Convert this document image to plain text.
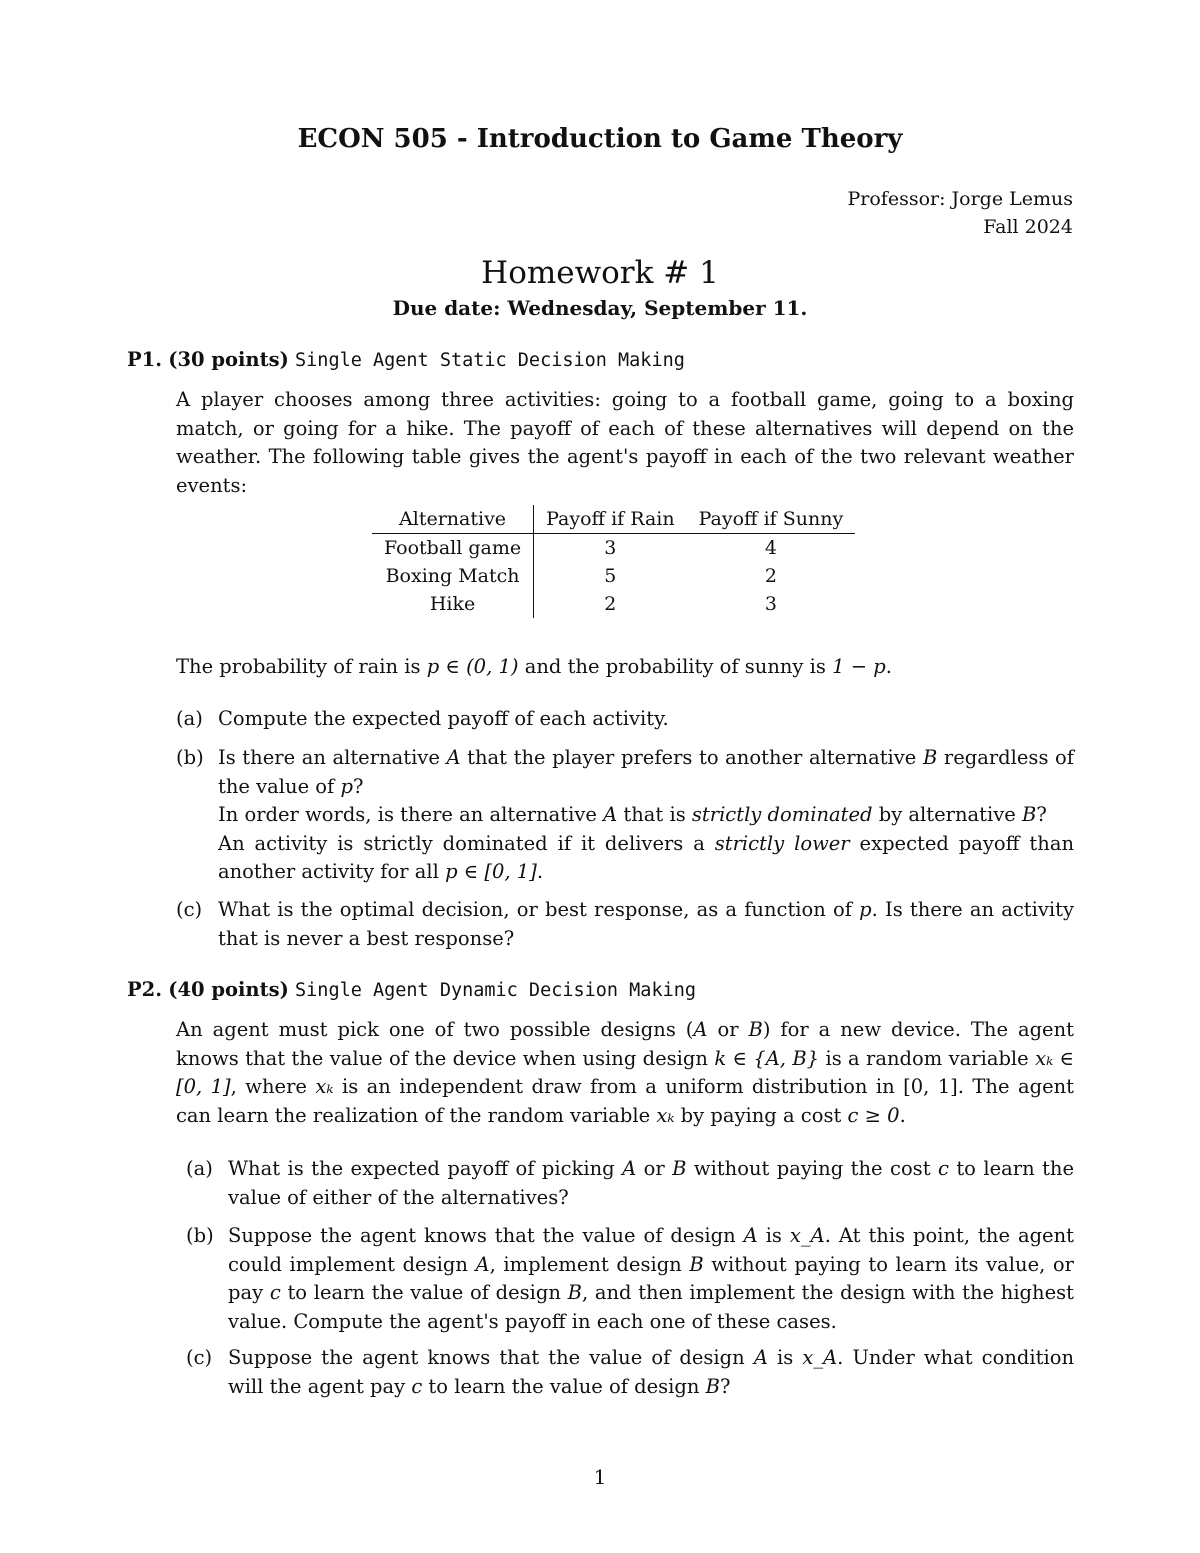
ECON 505 - Introduction to Game Theory
Professor: Jorge Lemus
Fall 2024
Homework # 1
Due date: Wednesday, September 11.
P1. (30 points) Single Agent Static Decision Making
A player chooses among three activities: going to a football game, going to a boxing match, or going for a hike. The payoff of each of these alternatives will depend on the weather. The following table gives the agent's payoff in each of the two relevant weather events:
Alternative	Payoff if Rain	Payoff if Sunny
Football game	3	4
Boxing Match	5	2
Hike	2	3
The probability of rain is p ∈ (0, 1) and the probability of sunny is 1 − p.
(a) Compute the expected payoff of each activity.
(b) Is there an alternative A that the player prefers to another alternative B regardless of the value of p?
In order words, is there an alternative A that is strictly dominated by alternative B?
An activity is strictly dominated if it delivers a strictly lower expected payoff than another activity for all p ∈ [0, 1].
(c) What is the optimal decision, or best response, as a function of p. Is there an activity that is never a best response?
P2. (40 points) Single Agent Dynamic Decision Making
An agent must pick one of two possible designs (A or B) for a new device. The agent knows that the value of the device when using design k ∈ {A, B} is a random variable xₖ ∈ [0, 1], where xₖ is an independent draw from a uniform distribution in [0, 1]. The agent can learn the realization of the random variable xₖ by paying a cost c ≥ 0.
(a) What is the expected payoff of picking A or B without paying the cost c to learn the value of either of the alternatives?
(b) Suppose the agent knows that the value of design A is x_A. At this point, the agent could implement design A, implement design B without paying to learn its value, or pay c to learn the value of design B, and then implement the design with the highest value. Compute the agent's payoff in each one of these cases.
(c) Suppose the agent knows that the value of design A is x_A. Under what condition will the agent pay c to learn the value of design B?
1
